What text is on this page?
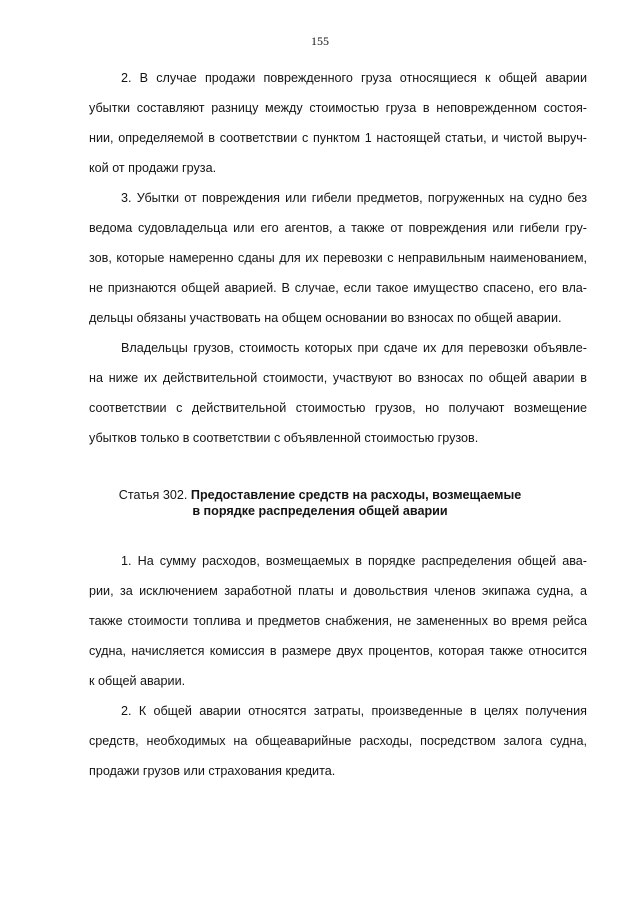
155
2. В случае продажи поврежденного груза относящиеся к общей аварии
убытки составляют разницу между стоимостью груза в неповрежденном состоя-
нии, определяемой в соответствии с пунктом 1 настоящей статьи, и чистой выруч-
кой от продажи груза.
3. Убытки от повреждения или гибели предметов, погруженных на судно без
ведома судовладельца или его агентов, а также от повреждения или гибели гру-
зов, которые намеренно сданы для их перевозки с неправильным наименованием,
не признаются общей аварией. В случае, если такое имущество спасено, его вла-
дельцы обязаны участвовать на общем основании во взносах по общей аварии.
Владельцы грузов, стоимость которых при сдаче их для перевозки объявле-
на ниже их действительной стоимости, участвуют во взносах по общей аварии в
соответствии с действительной стоимостью грузов, но получают возмещение
убытков только в соответствии с объявленной стоимостью грузов.
Статья 302. Предоставление средств на расходы, возмещаемые
в порядке распределения общей аварии
1. На сумму расходов, возмещаемых в порядке распределения общей ава-
рии, за исключением заработной платы и довольствия членов экипажа судна, а
также стоимости топлива и предметов снабжения, не замененных во время рейса
судна, начисляется комиссия в размере двух процентов, которая также относится
к общей аварии.
2. К общей аварии относятся затраты, произведенные в целях получения
средств, необходимых на общеаварийные расходы, посредством залога судна,
продажи грузов или страхования кредита.
